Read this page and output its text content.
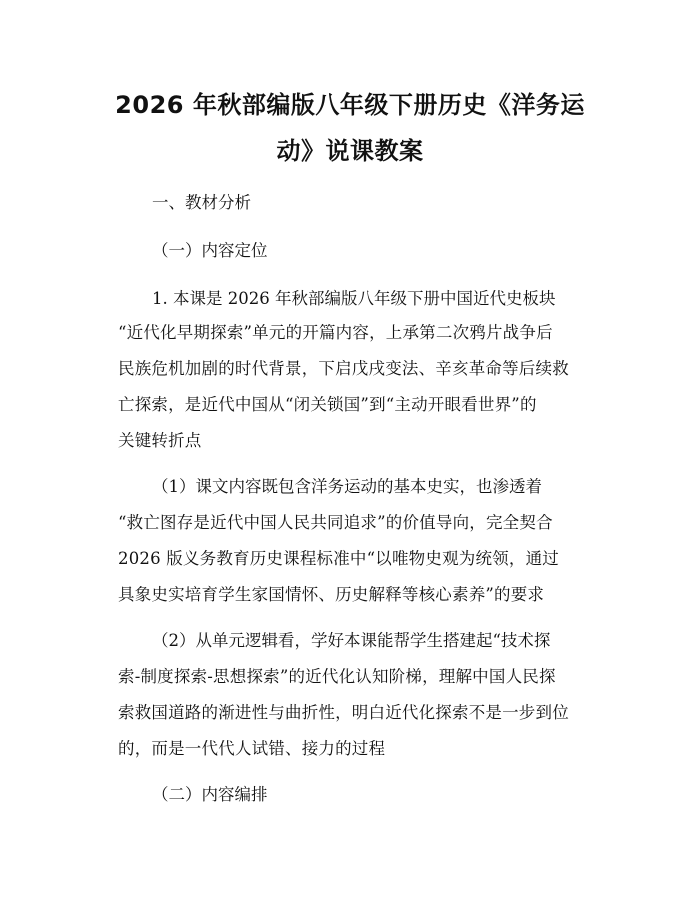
2026 年秋部编版八年级下册历史《洋务运
动》说课教案

一、教材分析

（一）内容定位

1. 本课是 2026 年秋部编版八年级下册中国近代史板块

“近代化早期探索”单元的开篇内容，上承第二次鸦片战争后

民族危机加剧的时代背景，下启戊戌变法、辛亥革命等后续救

亡探索，是近代中国从“闭关锁国”到“主动开眼看世界”的

关键转折点

（1）课文内容既包含洋务运动的基本史实，也渗透着

“救亡图存是近代中国人民共同追求”的价值导向，完全契合

2026 版义务教育历史课程标准中“以唯物史观为统领，通过

具象史实培育学生家国情怀、历史解释等核心素养”的要求

（2）从单元逻辑看，学好本课能帮学生搭建起“技术探

索-制度探索-思想探索”的近代化认知阶梯，理解中国人民探

索救国道路的渐进性与曲折性，明白近代化探索不是一步到位

的，而是一代代人试错、接力的过程

（二）内容编排
